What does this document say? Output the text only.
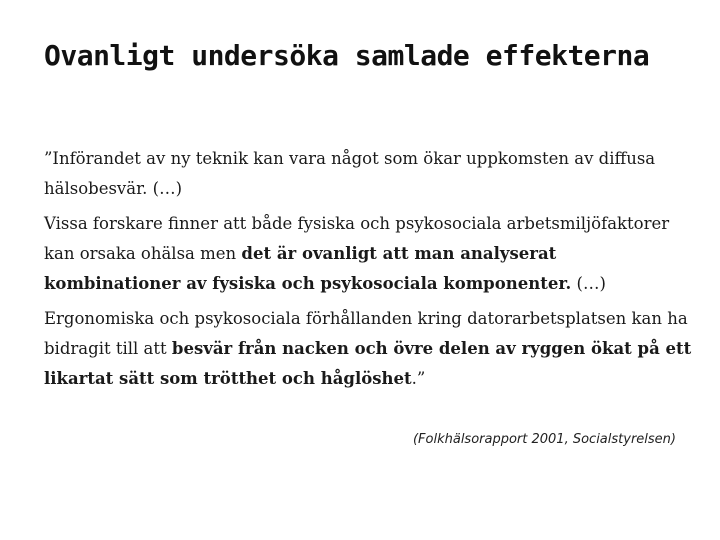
Ovanligt undersöka samlade effekterna

”Införandet av ny teknik kan vara något som ökar uppkomsten av diffusa hälsobesvär. (…)

Vissa forskare finner att både fysiska och psykosociala arbetsmiljöfaktorer kan orsaka ohälsa men det är ovanligt att man analyserat kombinationer av fysiska och psykosociala komponenter. (…)

Ergonomiska och psykosociala förhållanden kring datorarbetsplatsen kan ha bidragit till att besvär från nacken och övre delen av ryggen ökat på ett likartat sätt som trötthet och håglöshet.”

(Folkhälsorapport 2001, Socialstyrelsen)
